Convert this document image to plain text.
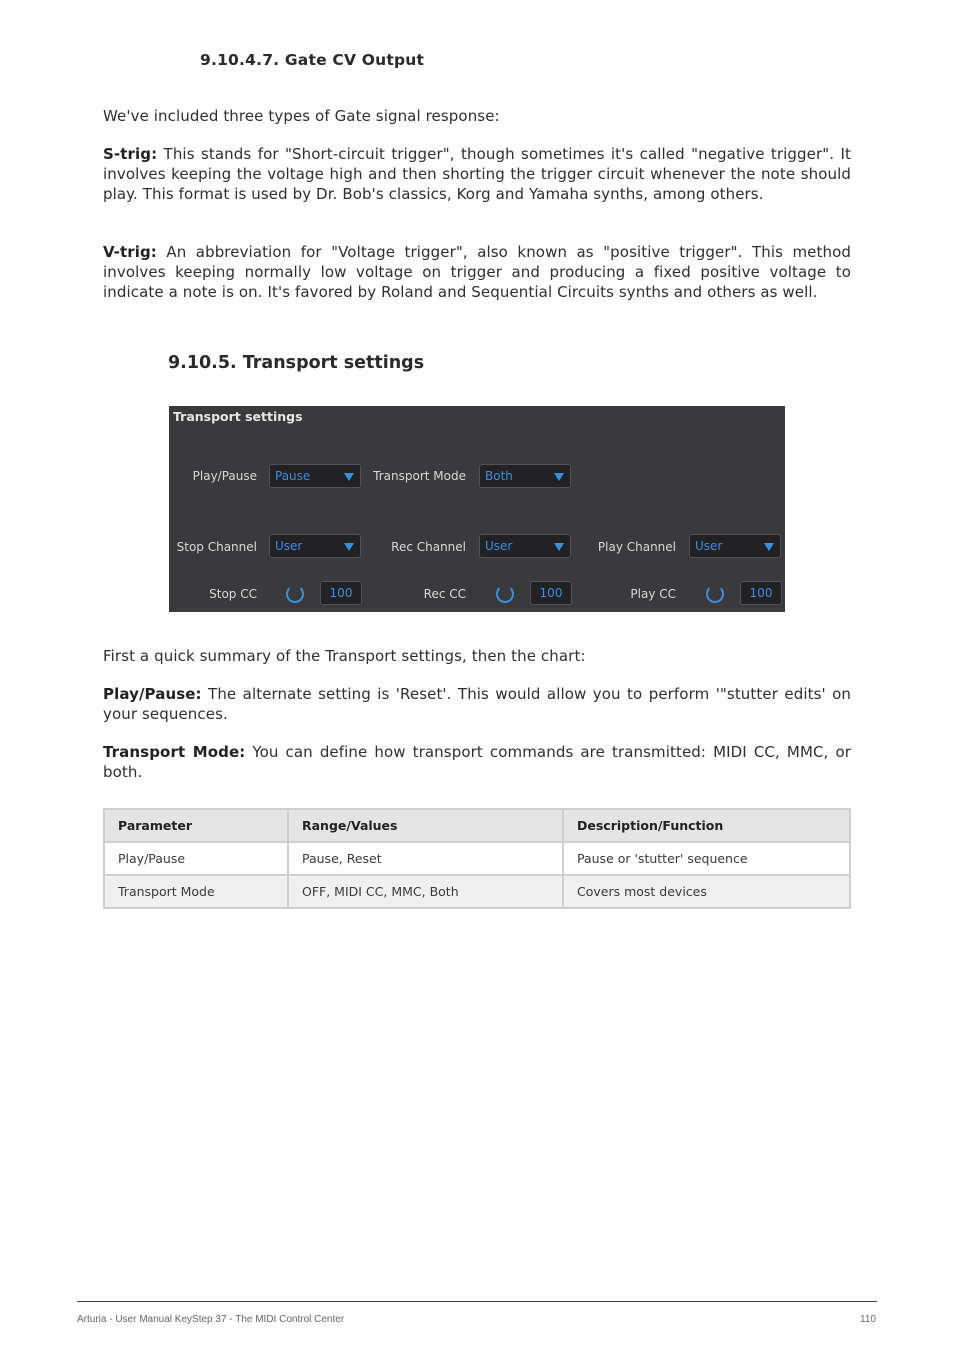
9.10.4.7. Gate CV Output
We've included three types of Gate signal response:
S-trig: This stands for "Short-circuit trigger", though sometimes it's called "negative trigger". It involves keeping the voltage high and then shorting the trigger circuit whenever the note should play. This format is used by Dr. Bob's classics, Korg and Yamaha synths, among others.
V-trig: An abbreviation for "Voltage trigger", also known as "positive trigger". This method involves keeping normally low voltage on trigger and producing a fixed positive voltage to indicate a note is on. It's favored by Roland and Sequential Circuits synths and others as well.
9.10.5. Transport settings
Transport settings
Play/Pause Pause	Transport Mode Both
Stop Channel User	Rec Channel User	Play Channel User
Stop CC	100	Rec CC	100	Play CC	100
First a quick summary of the Transport settings, then the chart:
Play/Pause: The alternate setting is 'Reset'. This would allow you to perform '"stutter edits' on your sequences.
Transport Mode: You can define how transport commands are transmitted: MIDI CC, MMC, or both.
Parameter	Range/Values	Description/Function
Play/Pause	Pause, Reset	Pause or 'stutter' sequence
Transport Mode	OFF, MIDI CC, MMC, Both	Covers most devices
Arturia - User Manual KeyStep 37 - The MIDI Control Center	110
